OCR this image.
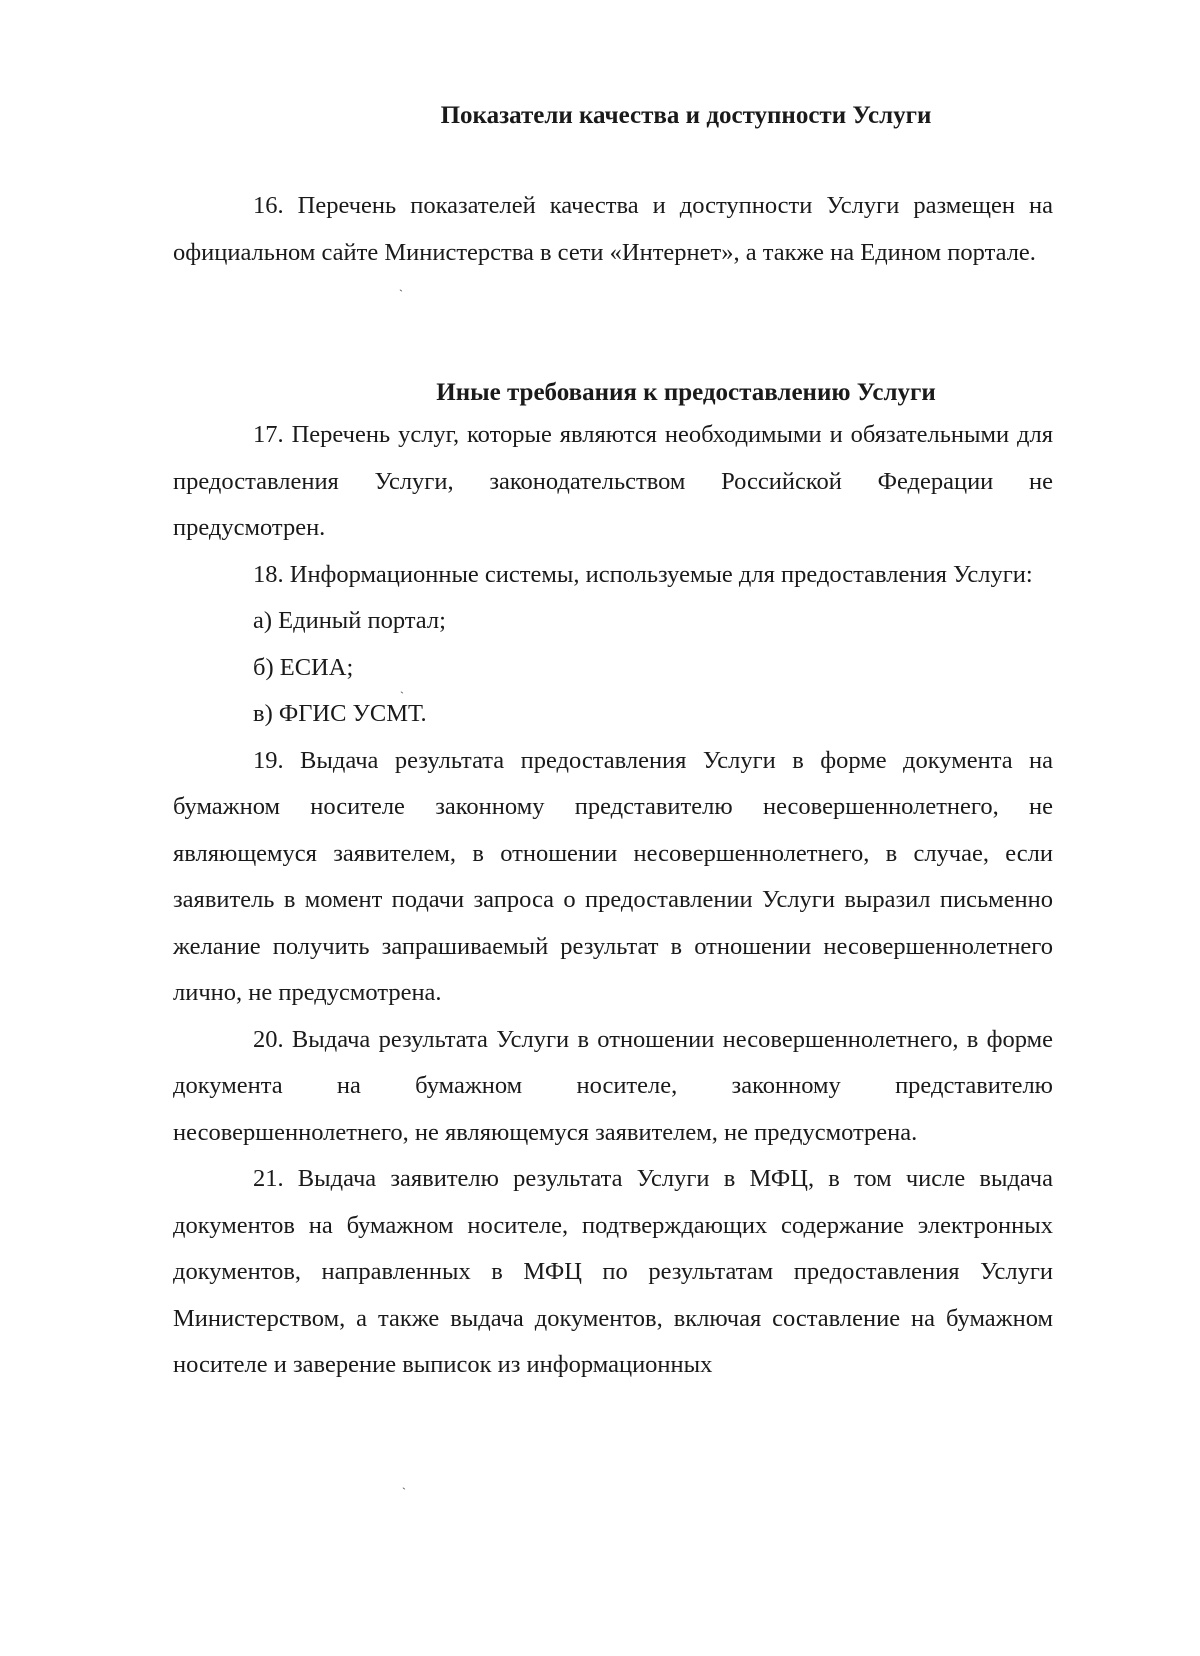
Показатели качества и доступности Услуги

16. Перечень показателей качества и доступности Услуги размещен на официальном сайте Министерства в сети «Интернет», а также на Едином портале.

Иные требования к предоставлению Услуги

17. Перечень услуг, которые являются необходимыми и обязательными для предоставления Услуги, законодательством Российской Федерации не предусмотрен.

18. Информационные системы, используемые для предоставления Услуги:

а) Единый портал;

б) ЕСИА;

в) ФГИС УСМТ.

19. Выдача результата предоставления Услуги в форме документа на бумажном носителе законному представителю несовершеннолетнего, не являющемуся заявителем, в отношении несовершеннолетнего, в случае, если заявитель в момент подачи запроса о предоставлении Услуги выразил письменно желание получить запрашиваемый результат в отношении несовершеннолетнего лично, не предусмотрена.

20. Выдача результата Услуги в отношении несовершеннолетнего, в форме документа на бумажном носителе, законному представителю несовершеннолетнего, не являющемуся заявителем, не предусмотрена.

21. Выдача заявителю результата Услуги в МФЦ, в том числе выдача документов на бумажном носителе, подтверждающих содержание электронных документов, направленных в МФЦ по результатам предоставления Услуги Министерством, а также выдача документов, включая составление на бумажном носителе и заверение выписок из информационных

ˏ
ˏ
ˏ
